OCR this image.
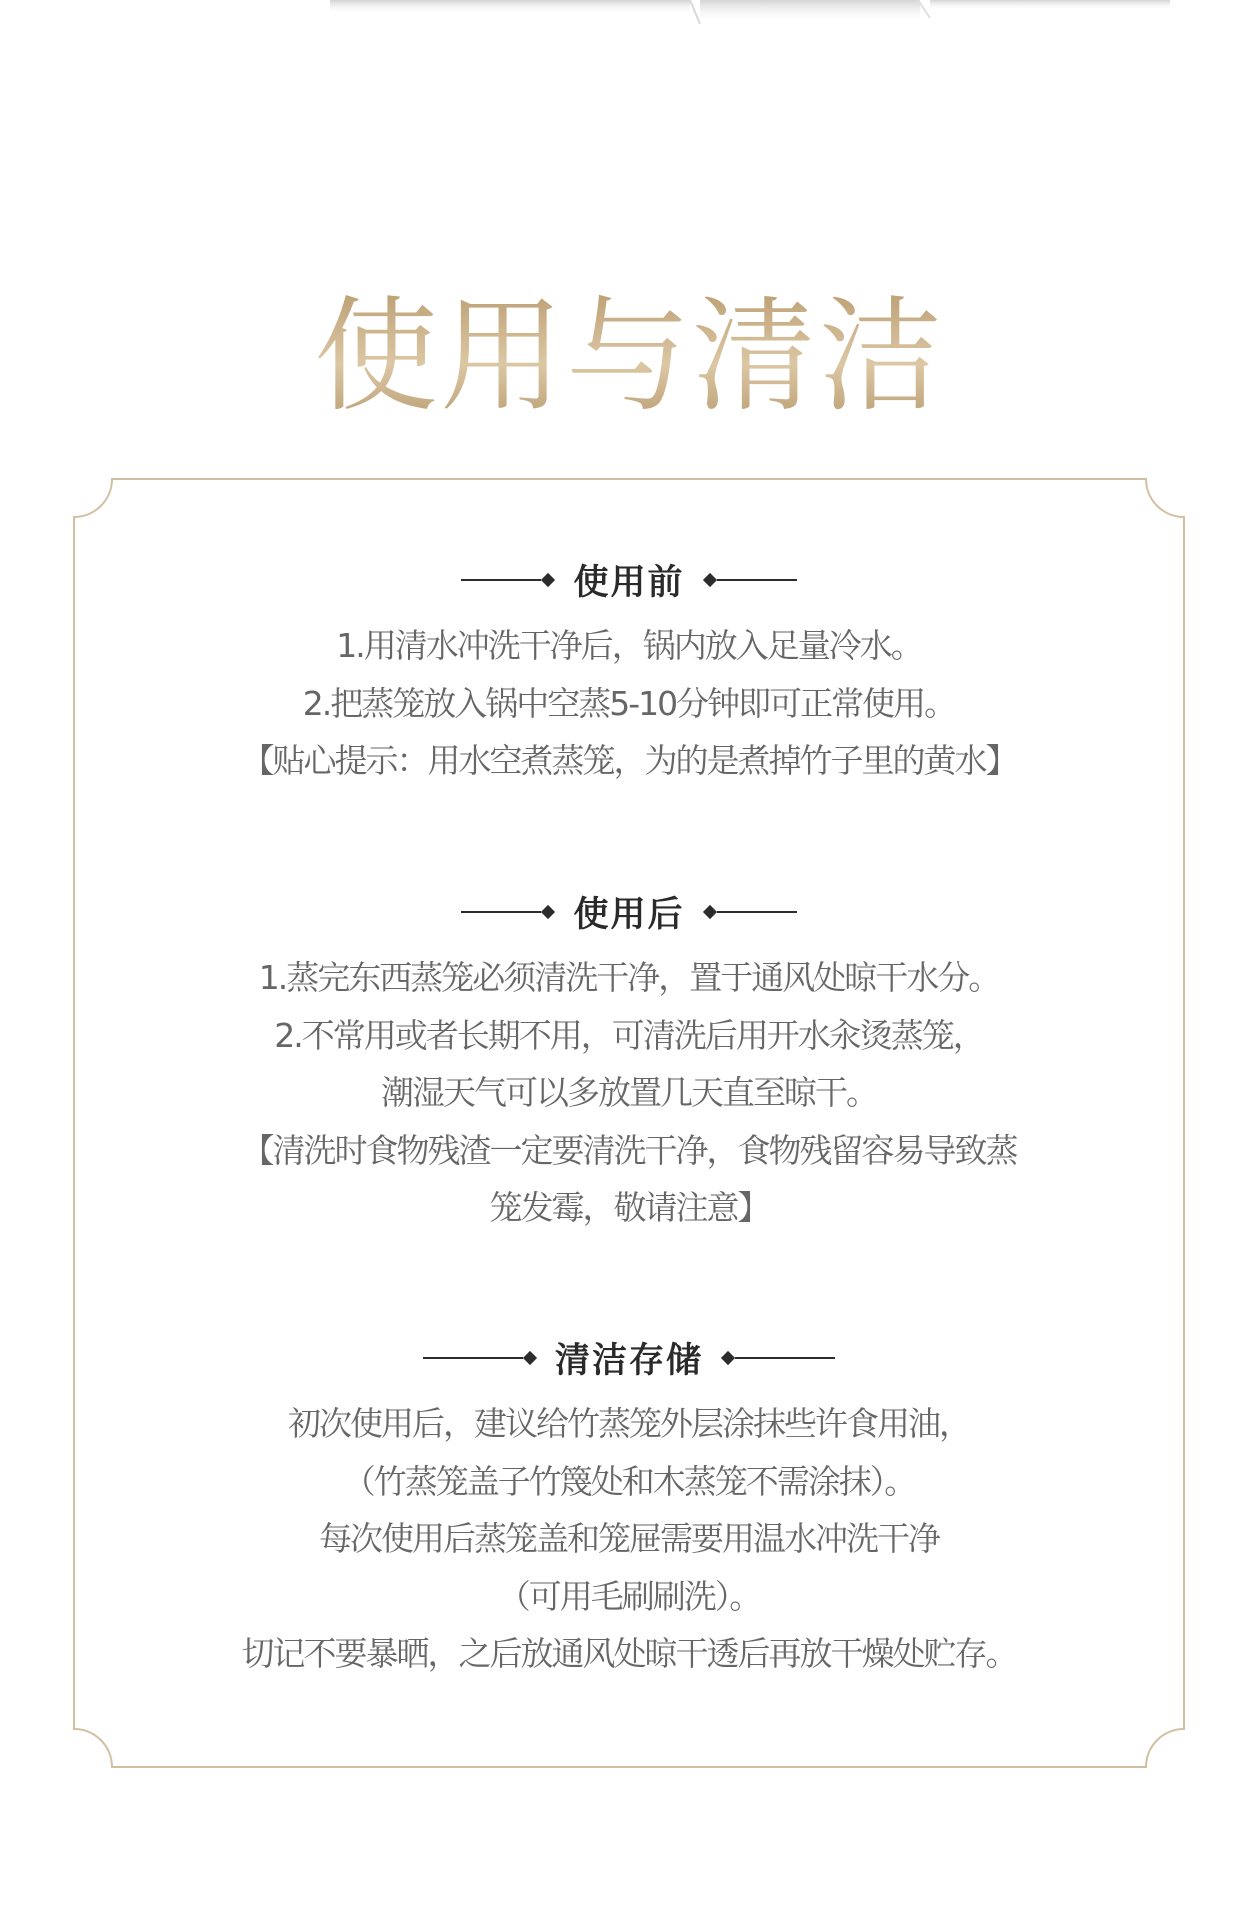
使用与清洁
使用前
1.用清水冲洗干净后，锅内放入足量冷水。
2.把蒸笼放入锅中空蒸5-10分钟即可正常使用。
【贴心提示：用水空煮蒸笼，为的是煮掉竹子里的黄水】
使用后
1.蒸完东西蒸笼必须清洗干净，置于通风处晾干水分。
2.不常用或者长期不用，可清洗后用开水汆烫蒸笼，
潮湿天气可以多放置几天直至晾干。
【清洗时食物残渣一定要清洗干净，食物残留容易导致蒸
笼发霉，敬请注意】
清洁存储
初次使用后，建议给竹蒸笼外层涂抹些许食用油，
（竹蒸笼盖子竹篾处和木蒸笼不需涂抹）。
每次使用后蒸笼盖和笼屉需要用温水冲洗干净
（可用毛刷刷洗）。
切记不要暴晒，之后放通风处晾干透后再放干燥处贮存。
